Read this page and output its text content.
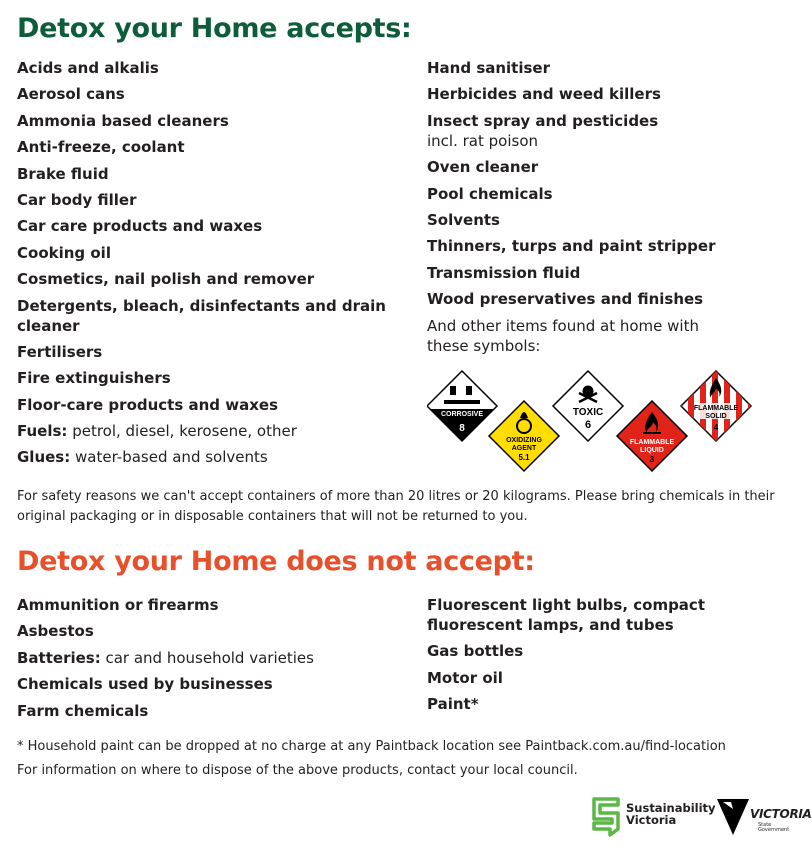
Detox your Home accepts:
Acids and alkalis
Aerosol cans
Ammonia based cleaners
Anti-freeze, coolant
Brake fluid
Car body filler
Car care products and waxes
Cooking oil
Cosmetics, nail polish and remover
Detergents, bleach, disinfectants and drain cleaner
Fertilisers
Fire extinguishers
Floor-care products and waxes
Fuels: petrol, diesel, kerosene, other
Glues: water-based and solvents
Hand sanitiser
Herbicides and weed killers
Insect spray and pesticides
incl. rat poison
Oven cleaner
Pool chemicals
Solvents
Thinners, turps and paint stripper
Transmission fluid
Wood preservatives and finishes
And other items found at home with these symbols:
CORROSIVE
8
OXIDIZING
AGENT
5.1
TOXIC
6
FLAMMABLE
LIQUID
3
FLAMMABLE
SOLID
4
For safety reasons we can't accept containers of more than 20 litres or 20 kilograms. Please bring chemicals in their original packaging or in disposable containers that will not be returned to you.
Detox your Home does not accept:
Ammunition or firearms
Asbestos
Batteries: car and household varieties
Chemicals used by businesses
Farm chemicals
Fluorescent light bulbs, compact fluorescent lamps, and tubes
Gas bottles
Motor oil
Paint*
* Household paint can be dropped at no charge at any Paintback location see Paintback.com.au/find-location
For information on where to dispose of the above products, contact your local council.
Sustainability
Victoria	VICTORIA
State
Government
